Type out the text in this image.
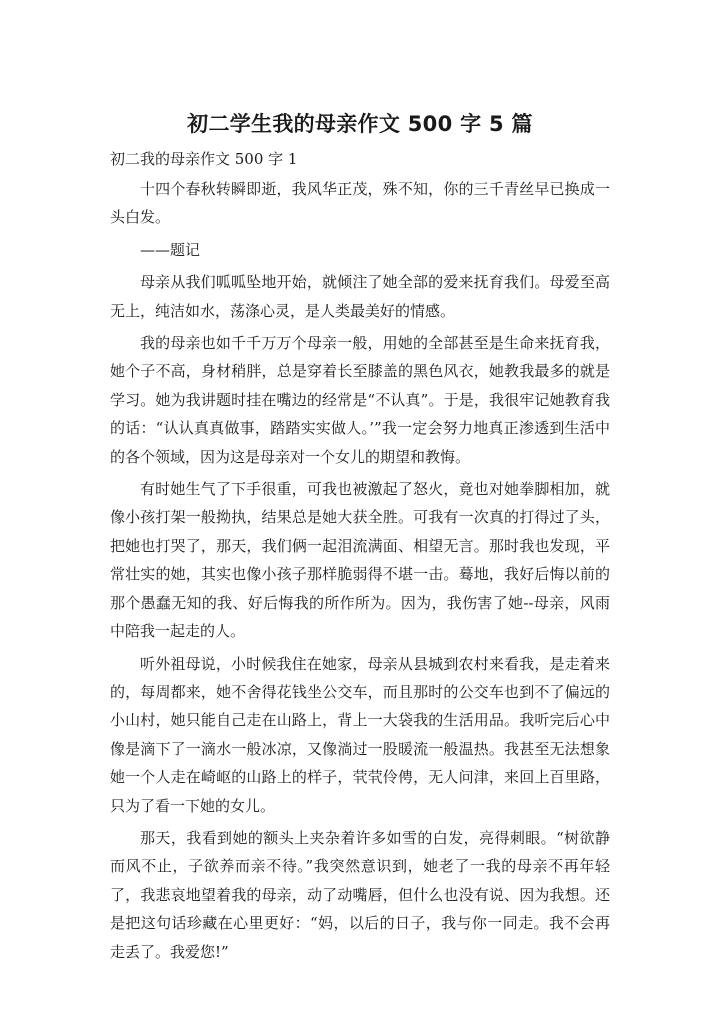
初二学生我的母亲作文 500 字 5 篇

初二我的母亲作文 500 字 1

十四个春秋转瞬即逝，我风华正茂，殊不知，你的三千青丝早已换成一头白发。

——题记

母亲从我们呱呱坠地开始，就倾注了她全部的爱来抚育我们。母爱至高无上，纯洁如水，荡涤心灵，是人类最美好的情感。

我的母亲也如千千万万个母亲一般，用她的全部甚至是生命来抚育我，她个子不高，身材稍胖，总是穿着长至膝盖的黑色风衣，她教我最多的就是学习。她为我讲题时挂在嘴边的经常是“不认真”。于是，我很牢记她教育我的话：“认认真真做事，踏踏实实做人。’”我一定会努力地真正渗透到生活中的各个领域，因为这是母亲对一个女儿的期望和教悔。

有时她生气了下手很重，可我也被激起了怒火，竟也对她拳脚相加，就像小孩打架一般拗执，结果总是她大获全胜。可我有一次真的打得过了头，把她也打哭了，那天，我们俩一起泪流满面、相望无言。那时我也发现，平常壮实的她，其实也像小孩子那样脆弱得不堪一击。蓦地，我好后悔以前的那个愚蠢无知的我、好后悔我的所作所为。因为，我伤害了她--母亲，风雨中陪我一起走的人。

听外祖母说，小时候我住在她家，母亲从县城到农村来看我，是走着来的，每周都来，她不舍得花钱坐公交车，而且那时的公交车也到不了偏远的小山村，她只能自己走在山路上，背上一大袋我的生活用品。我听完后心中像是滴下了一滴水一般冰凉，又像淌过一股暖流一般温热。我甚至无法想象她一个人走在崎岖的山路上的样子，茕茕伶俜，无人问津，来回上百里路，只为了看一下她的女儿。

那天，我看到她的额头上夹杂着许多如雪的白发，亮得刺眼。“树欲静而风不止，子欲养而亲不待。”我突然意识到，她老了一我的母亲不再年轻了，我悲哀地望着我的母亲，动了动嘴唇，但什么也没有说、因为我想。还是把这句话珍藏在心里更好：“妈，以后的日子，我与你一同走。我不会再走丢了。我爱您!”
